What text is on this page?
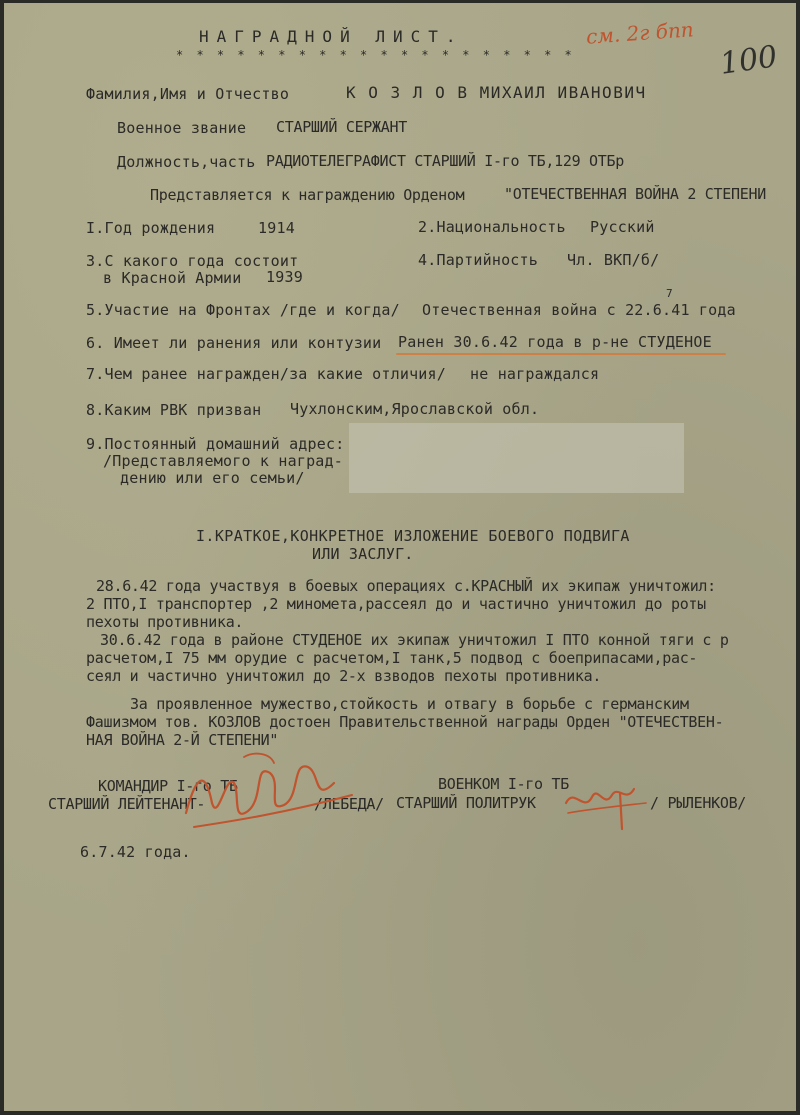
НАГРАДНОЙ ЛИСТ.
* * * * * * * * * * * * * * * * * * * *
см. 2г бпп
100
Фамилия,Имя и Отчество	К О З Л О В МИХАИЛ ИВАНОВИЧ
Военное звание СТАРШИЙ СЕРЖАНТ
Должность,часть РАДИОТЕЛЕГРАФИСТ СТАРШИЙ I-го ТБ,129 ОТБр
Представляется к награждению Орденом	"ОТЕЧЕСТВЕННАЯ ВОЙНА 2 СТЕПЕНИ
I.Год рождения	1914	2.Национальность Русский
3.С какого года состоит
в Красной Армии 1939
4.Партийность Чл. ВКП/б/
5.Участие на Фронтах /где и когда/ Отечественная война с 22.6.41 года
7
6. Имеет ли ранения или контузии Ранен 30.6.42 года в р-не СТУДЕНОЕ
7.Чем ранее награжден/за какие отличия/ не награждался
8.Каким РВК призван Чухлонским,Ярославской обл.
9.Постоянный домашний адрес:
/Представляемого к наград-
дению или его семьи/
I.КРАТКОЕ,КОНКРЕТНОЕ ИЗЛОЖЕНИЕ БОЕВОГО ПОДВИГА
ИЛИ ЗАСЛУГ.
28.6.42 года участвуя в боевых операциях с.КРАСНЫЙ их экипаж уничтожил:
2 ПТО,I транспортер ,2 миномета,рассеял до и частично уничтожил до роты
пехоты противника.
30.6.42 года в районе СТУДЕНОЕ их экипаж уничтожил I ПТО конной тяги с р
расчетом,I 75 мм орудие с расчетом,I танк,5 подвод с боеприпасами,рас-
сеял и частично уничтожил до 2-х взводов пехоты противника.
За проявленное мужество,стойкость и отвагу в борьбе с германским
Фашизмом тов. КОЗЛОВ достоен Правительственной награды Орден "ОТЕЧЕСТВЕН-
НАЯ ВОЙНА 2-Й СТЕПЕНИ"
КОМАНДИР I-го ТБ
СТАРШИЙ ЛЕЙТЕНАНТ-	/ЛЕБЕДА/
ВОЕНКОМ I-го ТБ
СТАРШИЙ ПОЛИТРУК	/ РЫЛЕНКОВ/
6.7.42 года.
